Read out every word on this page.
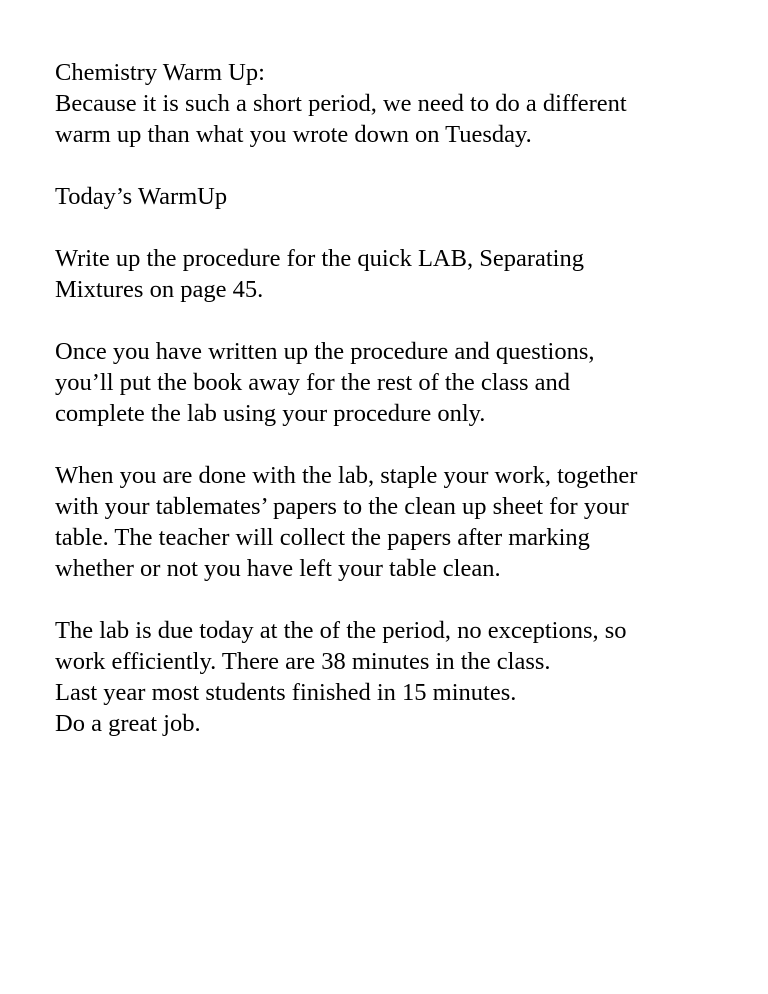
Chemistry Warm Up:
Because it is such a short period, we need to do a different
warm up than what you wrote down on Tuesday.

Today’s WarmUp

Write up the procedure for the quick LAB, Separating
Mixtures on page 45.

Once you have written up the procedure and questions,
you’ll put the book away for the rest of the class and
complete the lab using your procedure only.

When you are done with the lab, staple your work, together
with your tablemates’ papers to the clean up sheet for your
table. The teacher will collect the papers after marking
whether or not you have left your table clean.

The lab is due today at the of the period, no exceptions, so
work efficiently. There are 38 minutes in the class.
Last year most students finished in 15 minutes.
Do a great job.
